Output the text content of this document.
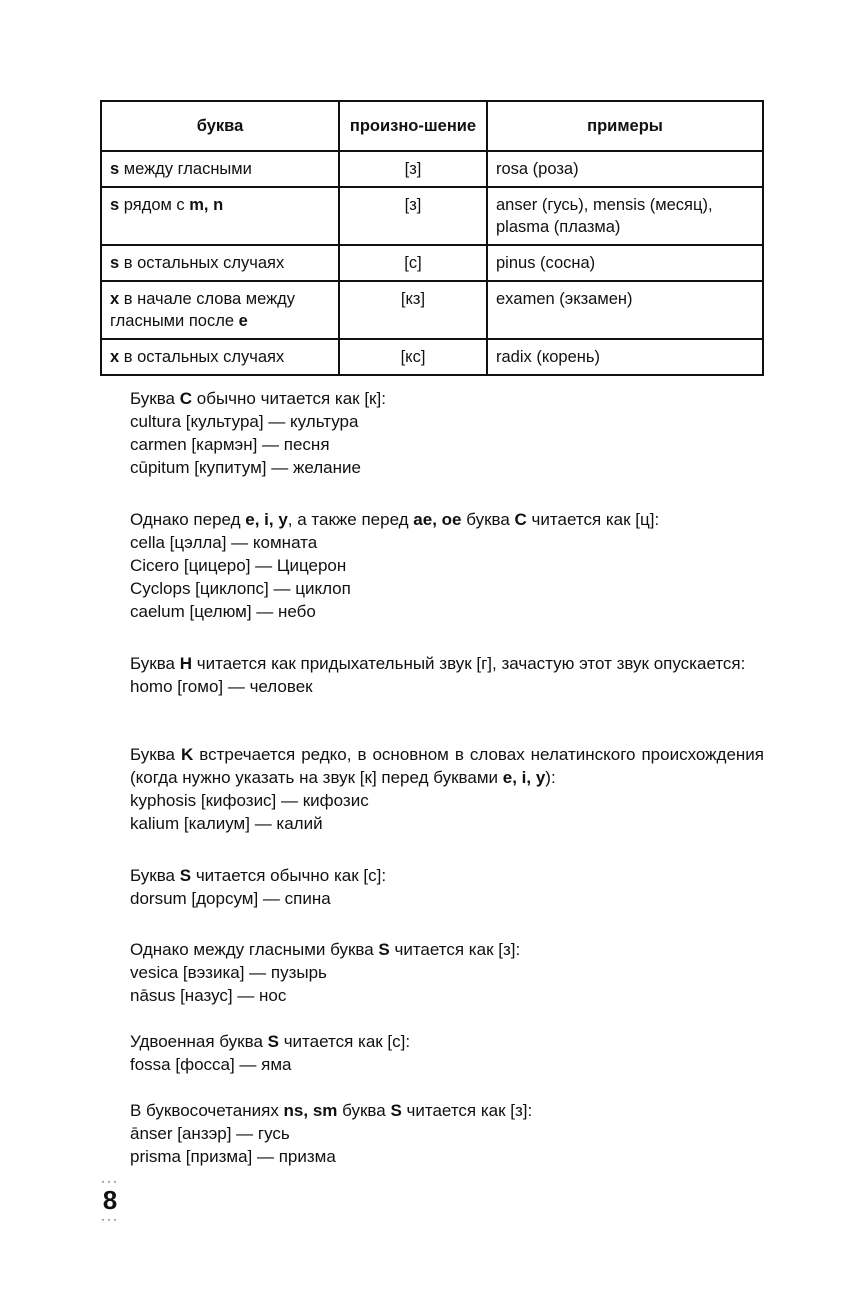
буква	произно-шение	примеры
s между гласными	[з]	rosa (роза)
s рядом с m, n	[з]	anser (гусь), mensis (месяц), plasma (плазма)
s в остальных случаях	[с]	pinus (сосна)
x в начале слова между гласными после e	[кз]	examen (экзамен)
x в остальных случаях	[кс]	radix (корень)
Буква C обычно читается как [к]:
cultura [культура] — культура
carmen [кармэн] — песня
cūpitum [купитум] — желание
Однако перед e, i, y, а также перед ae, oe буква C читается как [ц]:
cella [цэлла] — комната
Cicero [цицеро] — Цицерон
Cyclops [циклопс] — циклоп
caelum [целюм] — небо
Буква H читается как придыхательный звук [г], зачастую этот звук опускается:
homo [гомо] — человек
Буква K встречается редко, в основном в словах нелатинского происхождения (когда нужно указать на звук [к] перед буквами e, i, y):
kyphosis [кифозис] — кифозис
kalium [калиум] — калий
Буква S читается обычно как [с]:
dorsum [дорсум] — спина
Однако между гласными буква S читается как [з]:
vesica [вэзика] — пузырь
nāsus [назус] — нос
Удвоенная буква S читается как [с]:
fossa [фосса] — яма
В буквосочетаниях ns, sm буква S читается как [з]:
ānser [анзэр] — гусь
prisma [призма] — призма
···
8
···
